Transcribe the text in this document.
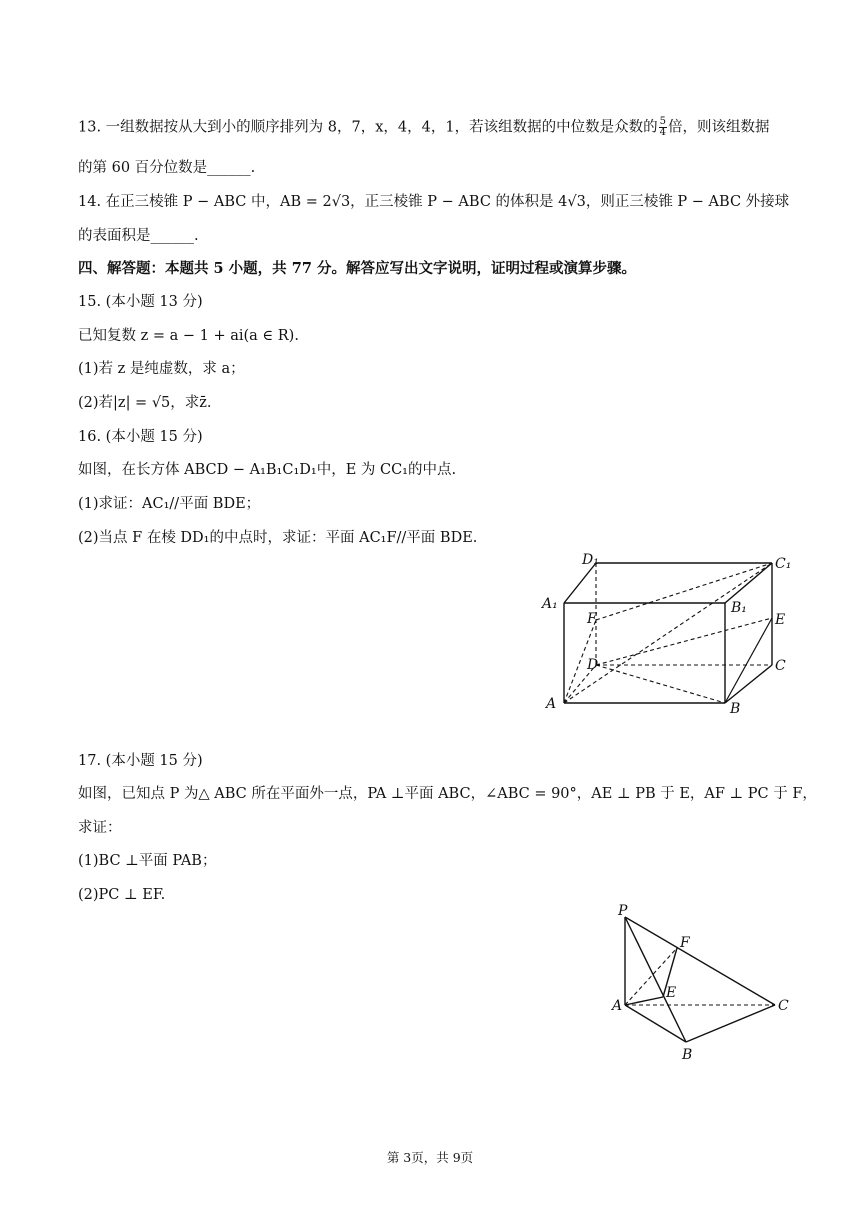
13. 一组数据按从大到小的顺序排列为 8，7，x，4，4，1，若该组数据的中位数是众数的 $\frac{5}{4}$ 倍，则该组数据
的第 60 百分位数是______.
14. 在正三棱锥 P − ABC 中，AB = 2√3，正三棱锥 P − ABC 的体积是 4√3，则正三棱锥 P − ABC 外接球
的表面积是______.
四、解答题：本题共 5 小题，共 77 分。解答应写出文字说明，证明过程或演算步骤。
15. (本小题 13 分)
已知复数 z = a − 1 + ai(a ∈ R).
(1)若 z 是纯虚数，求 a；
(2)若|z| = √5，求z̄.
16. (本小题 15 分)
如图，在长方体 ABCD − A₁B₁C₁D₁中，E 为 CC₁的中点.
(1)求证：AC₁//平面 BDE；
(2)当点 F 在棱 DD₁的中点时，求证：平面 AC₁F//平面 BDE.
D₁	C₁
A₁	B₁
F	E
D	C
A	B
17. (本小题 15 分)
如图，已知点 P 为△ ABC 所在平面外一点，PA ⊥平面 ABC，∠ABC = 90°，AE ⊥ PB 于 E，AF ⊥ PC 于 F，
求证：
(1)BC ⊥平面 PAB；
(2)PC ⊥ EF.
P
F
E
A	C
B
第 3页，共 9页
